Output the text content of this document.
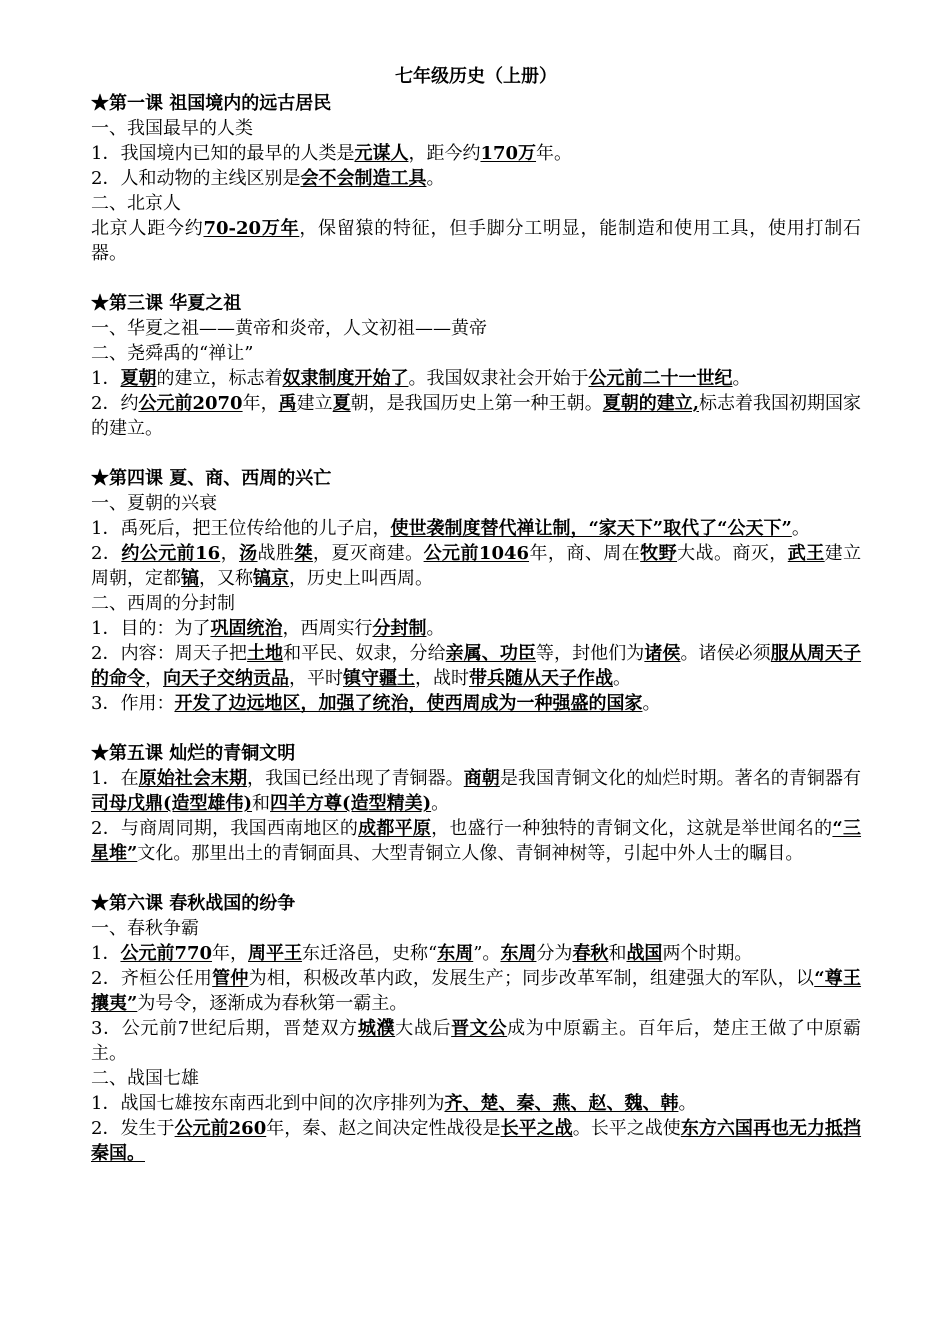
七年级历史（上册）
★第一课 祖国境内的远古居民

一、我国最早的人类

1．我国境内已知的最早的人类是元谋人，距今约170万年。

2．人和动物的主线区别是会不会制造工具。

二、北京人

北京人距今约70-20万年，保留猿的特征，但手脚分工明显，能制造和使用工具，使用打制石器。

★第三课 华夏之祖

一、华夏之祖——黄帝和炎帝，人文初祖——黄帝

二、尧舜禹的“禅让”

1．夏朝的建立，标志着奴隶制度开始了。我国奴隶社会开始于公元前二十一世纪。

2．约公元前2070年，禹建立夏朝，是我国历史上第一种王朝。夏朝的建立,标志着我国初期国家的建立。

★第四课 夏、商、西周的兴亡

一、夏朝的兴衰

1．禹死后，把王位传给他的儿子启，使世袭制度替代禅让制，“家天下”取代了“公天下”。

2．约公元前16，汤战胜桀，夏灭商建。公元前1046年，商、周在牧野大战。商灭，武王建立周朝，定都镐，又称镐京，历史上叫西周。

二、西周的分封制

1．目的：为了巩固统治，西周实行分封制。

2．内容：周天子把土地和平民、奴隶，分给亲属、功臣等，封他们为诸侯。诸侯必须服从周天子的命令，向天子交纳贡品，平时镇守疆土，战时带兵随从天子作战。

3．作用：开发了边远地区，加强了统治，使西周成为一种强盛的国家。

★第五课 灿烂的青铜文明

1．在原始社会末期，我国已经出现了青铜器。商朝是我国青铜文化的灿烂时期。著名的青铜器有司母戊鼎(造型雄伟)和四羊方尊(造型精美)。

2．与商周同期，我国西南地区的成都平原，也盛行一种独特的青铜文化，这就是举世闻名的“三星堆”文化。那里出土的青铜面具、大型青铜立人像、青铜神树等，引起中外人士的瞩目。

★第六课 春秋战国的纷争

一、春秋争霸

1．公元前770年，周平王东迁洛邑，史称“东周”。东周分为春秋和战国两个时期。

2．齐桓公任用管仲为相，积极改革内政，发展生产；同步改革军制，组建强大的军队，以“尊王攘夷”为号令，逐渐成为春秋第一霸主。

3．公元前7世纪后期，晋楚双方城濮大战后晋文公成为中原霸主。百年后，楚庄王做了中原霸主。

二、战国七雄

1．战国七雄按东南西北到中间的次序排列为齐、楚、秦、燕、赵、魏、韩。

2．发生于公元前260年，秦、赵之间决定性战役是长平之战。长平之战使东方六国再也无力抵挡秦国。
